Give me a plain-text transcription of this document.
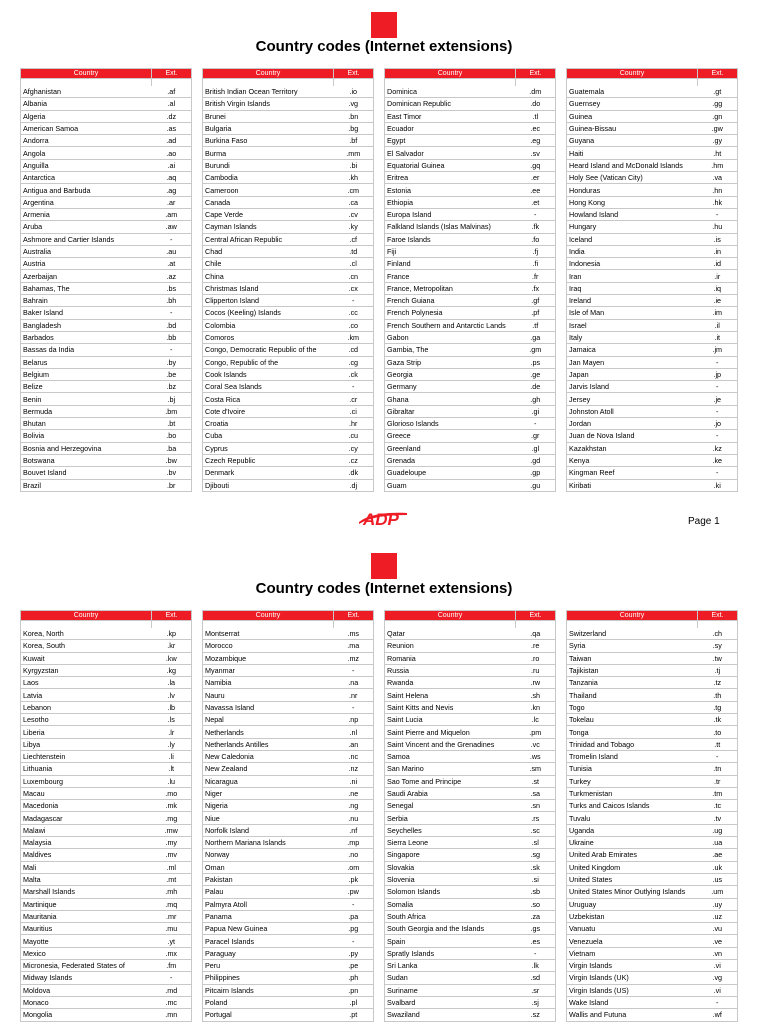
Country codes (Internet extensions)
Country	Ext.		Country	Ext.		Country	Ext.		Country	Ext.

Afghanistan	.af		British Indian Ocean Territory	.io		Dominica	.dm		Guatemala	.gt
Albania	.al		British Virgin Islands	.vg		Dominican Republic	.do		Guernsey	.gg
Algeria	.dz		Brunei	.bn		East Timor	.tl		Guinea	.gn
American Samoa	.as		Bulgaria	.bg		Ecuador	.ec		Guinea-Bissau	.gw
Andorra	.ad		Burkina Faso	.bf		Egypt	.eg		Guyana	.gy
Angola	.ao		Burma	.mm		El Salvador	.sv		Haiti	.ht
Anguilla	.ai		Burundi	.bi		Equatorial Guinea	.gq		Heard Island and McDonald Islands	.hm
Antarctica	.aq		Cambodia	.kh		Eritrea	.er		Holy See (Vatican City)	.va
Antigua and Barbuda	.ag		Cameroon	.cm		Estonia	.ee		Honduras	.hn
Argentina	.ar		Canada	.ca		Ethiopia	.et		Hong Kong	.hk
Armenia	.am		Cape Verde	.cv		Europa Island	-		Howland Island	-
Aruba	.aw		Cayman Islands	.ky		Falkland Islands (Islas Malvinas)	.fk		Hungary	.hu
Ashmore and Cartier Islands	-		Central African Republic	.cf		Faroe Islands	.fo		Iceland	.is
Australia	.au		Chad	.td		Fiji	.fj		India	.in
Austria	.at		Chile	.cl		Finland	.fi		Indonesia	.id
Azerbaijan	.az		China	.cn		France	.fr		Iran	.ir
Bahamas, The	.bs		Christmas Island	.cx		France, Metropolitan	.fx		Iraq	.iq
Bahrain	.bh		Clipperton Island	-		French Guiana	.gf		Ireland	.ie
Baker Island	-		Cocos (Keeling) Islands	.cc		French Polynesia	.pf		Isle of Man	.im
Bangladesh	.bd		Colombia	.co		French Southern and Antarctic Lands	.tf		Israel	.il
Barbados	.bb		Comoros	.km		Gabon	.ga		Italy	.it
Bassas da India	-		Congo, Democratic Republic of the	.cd		Gambia, The	.gm		Jamaica	.jm
Belarus	.by		Congo, Republic of the	.cg		Gaza Strip	.ps		Jan Mayen	-
Belgium	.be		Cook Islands	.ck		Georgia	.ge		Japan	.jp
Belize	.bz		Coral Sea Islands	-		Germany	.de		Jarvis Island	-
Benin	.bj		Costa Rica	.cr		Ghana	.gh		Jersey	.je
Bermuda	.bm		Cote d'Ivoire	.ci		Gibraltar	.gi		Johnston Atoll	-
Bhutan	.bt		Croatia	.hr		Glorioso Islands	-		Jordan	.jo
Bolivia	.bo		Cuba	.cu		Greece	.gr		Juan de Nova Island	-
Bosnia and Herzegovina	.ba		Cyprus	.cy		Greenland	.gl		Kazakhstan	.kz
Botswana	.bw		Czech Republic	.cz		Grenada	.gd		Kenya	.ke
Bouvet Island	.bv		Denmark	.dk		Guadeloupe	.gp		Kingman Reef	-
Brazil	.br		Djibouti	.dj		Guam	.gu		Kiribati	.ki
ADP	Page 1
Country codes (Internet extensions)
Country	Ext.		Country	Ext.		Country	Ext.		Country	Ext.

Korea, North	.kp		Montserrat	.ms		Qatar	.qa		Switzerland	.ch
Korea, South	.kr		Morocco	.ma		Reunion	.re		Syria	.sy
Kuwait	.kw		Mozambique	.mz		Romania	.ro		Taiwan	.tw
Kyrgyzstan	.kg		Myanmar	-		Russia	.ru		Tajikistan	.tj
Laos	.la		Namibia	.na		Rwanda	.rw		Tanzania	.tz
Latvia	.lv		Nauru	.nr		Saint Helena	.sh		Thailand	.th
Lebanon	.lb		Navassa Island	-		Saint Kitts and Nevis	.kn		Togo	.tg
Lesotho	.ls		Nepal	.np		Saint Lucia	.lc		Tokelau	.tk
Liberia	.lr		Netherlands	.nl		Saint Pierre and Miquelon	.pm		Tonga	.to
Libya	.ly		Netherlands Antilles	.an		Saint Vincent and the Grenadines	.vc		Trinidad and Tobago	.tt
Liechtenstein	.li		New Caledonia	.nc		Samoa	.ws		Tromelin Island	-
Lithuania	.lt		New Zealand	.nz		San Marino	.sm		Tunisia	.tn
Luxembourg	.lu		Nicaragua	.ni		Sao Tome and Principe	.st		Turkey	.tr
Macau	.mo		Niger	.ne		Saudi Arabia	.sa		Turkmenistan	.tm
Macedonia	.mk		Nigeria	.ng		Senegal	.sn		Turks and Caicos Islands	.tc
Madagascar	.mg		Niue	.nu		Serbia	.rs		Tuvalu	.tv
Malawi	.mw		Norfolk Island	.nf		Seychelles	.sc		Uganda	.ug
Malaysia	.my		Northern Mariana Islands	.mp		Sierra Leone	.sl		Ukraine	.ua
Maldives	.mv		Norway	.no		Singapore	.sg		United Arab Emirates	.ae
Mali	.ml		Oman	.om		Slovakia	.sk		United Kingdom	.uk
Malta	.mt		Pakistan	.pk		Slovenia	.si		United States	.us
Marshall Islands	.mh		Palau	.pw		Solomon Islands	.sb		United States Minor Outlying Islands	.um
Martinique	.mq		Palmyra Atoll	-		Somalia	.so		Uruguay	.uy
Mauritania	.mr		Panama	.pa		South Africa	.za		Uzbekistan	.uz
Mauritius	.mu		Papua New Guinea	.pg		South Georgia and the Islands	.gs		Vanuatu	.vu
Mayotte	.yt		Paracel Islands	-		Spain	.es		Venezuela	.ve
Mexico	.mx		Paraguay	.py		Spratly Islands	-		Vietnam	.vn
Micronesia, Federated States of	.fm		Peru	.pe		Sri Lanka	.lk		Virgin Islands	.vi
Midway Islands	-		Philippines	.ph		Sudan	.sd		Virgin Islands (UK)	.vg
Moldova	.md		Pitcairn Islands	.pn		Suriname	.sr		Virgin Islands (US)	.vi
Monaco	.mc		Poland	.pl		Svalbard	.sj		Wake Island	-
Mongolia	.mn		Portugal	.pt		Swaziland	.sz		Wallis and Futuna	.wf
